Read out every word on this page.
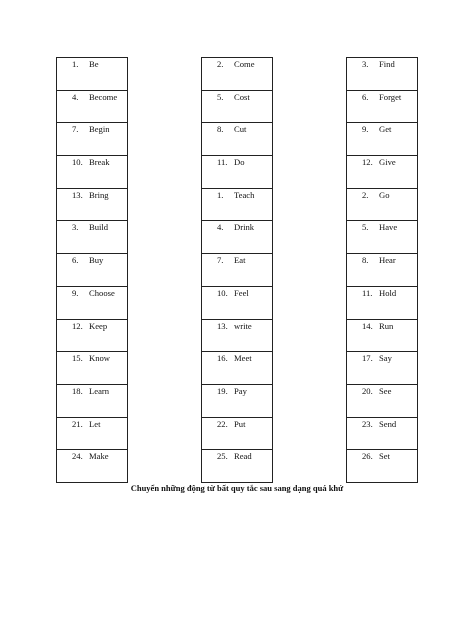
1. Be
4. Become
7. Begin
10. Break
13. Bring
3. Build
6. Buy
9. Choose
12. Keep
15. Know
18. Learn
21. Let
24. Make
2. Come
5. Cost
8. Cut
11. Do
1. Teach
4. Drink
7. Eat
10. Feel
13. write
16. Meet
19. Pay
22. Put
25. Read
3. Find
6. Forget
9. Get
12. Give
2. Go
5. Have
8. Hear
11. Hold
14. Run
17. Say
20. See
23. Send
26. Set
Chuyển những động từ bất quy tắc sau sang dạng quá khứ
